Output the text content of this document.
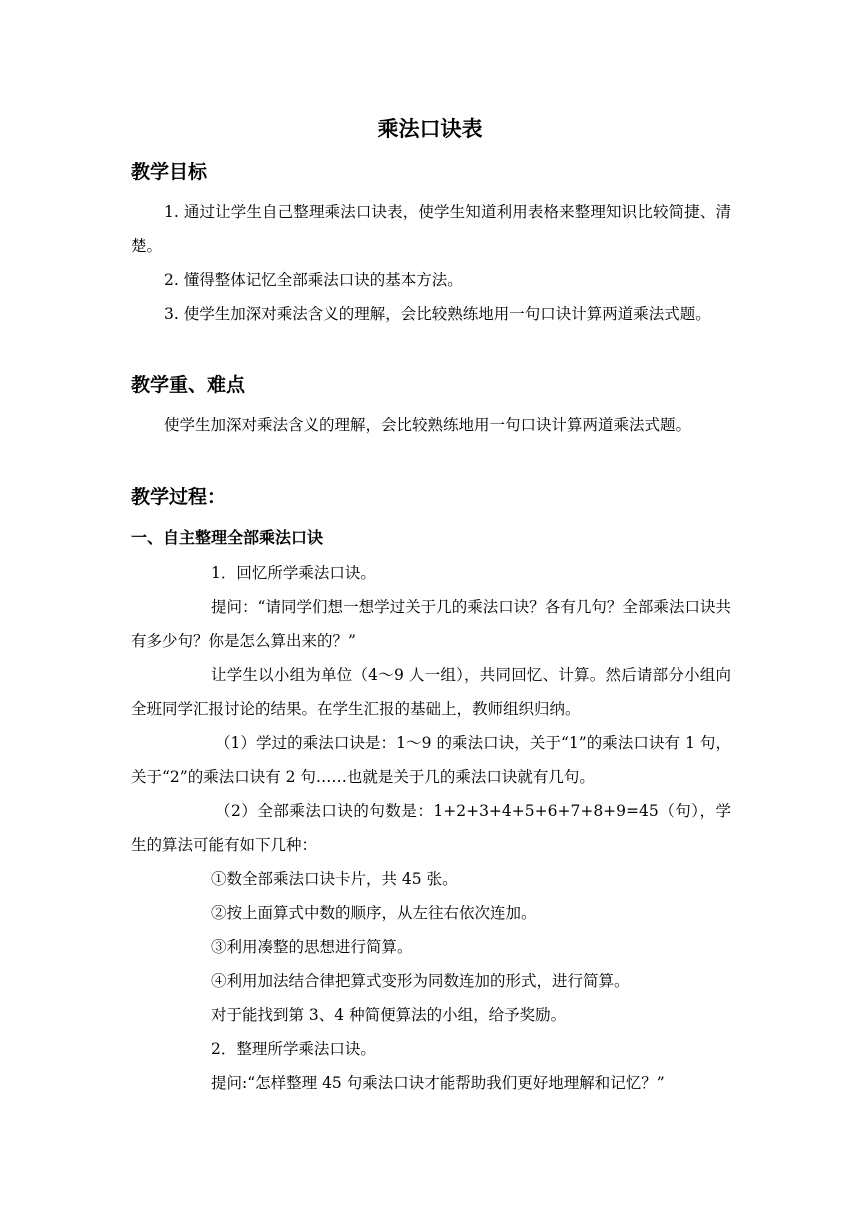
乘法口诀表
教学目标

1. 通过让学生自己整理乘法口诀表，使学生知道利用表格来整理知识比较简捷、清楚。

2. 懂得整体记忆全部乘法口诀的基本方法。

3. 使学生加深对乘法含义的理解，会比较熟练地用一句口诀计算两道乘法式题。

教学重、难点

使学生加深对乘法含义的理解，会比较熟练地用一句口诀计算两道乘法式题。

教学过程：
一、自主整理全部乘法口诀

1．回忆所学乘法口诀。

提问：“请同学们想一想学过关于几的乘法口诀？各有几句？全部乘法口诀共有多少句？你是怎么算出来的？”

让学生以小组为单位（4～9 人一组），共同回忆、计算。然后请部分小组向全班同学汇报讨论的结果。在学生汇报的基础上，教师组织归纳。

（1）学过的乘法口诀是：1～9 的乘法口诀，关于“1”的乘法口诀有 1 句，关于“2”的乘法口诀有 2 句……也就是关于几的乘法口诀就有几句。

（2）全部乘法口诀的句数是：1+2+3+4+5+6+7+8+9=45（句），学生的算法可能有如下几种：

①数全部乘法口诀卡片，共 45 张。

②按上面算式中数的顺序，从左往右依次连加。

③利用凑整的思想进行简算。

④利用加法结合律把算式变形为同数连加的形式，进行简算。

对于能找到第 3、4 种简便算法的小组，给予奖励。

2．整理所学乘法口诀。

提问:“怎样整理 45 句乘法口诀才能帮助我们更好地理解和记忆？”
